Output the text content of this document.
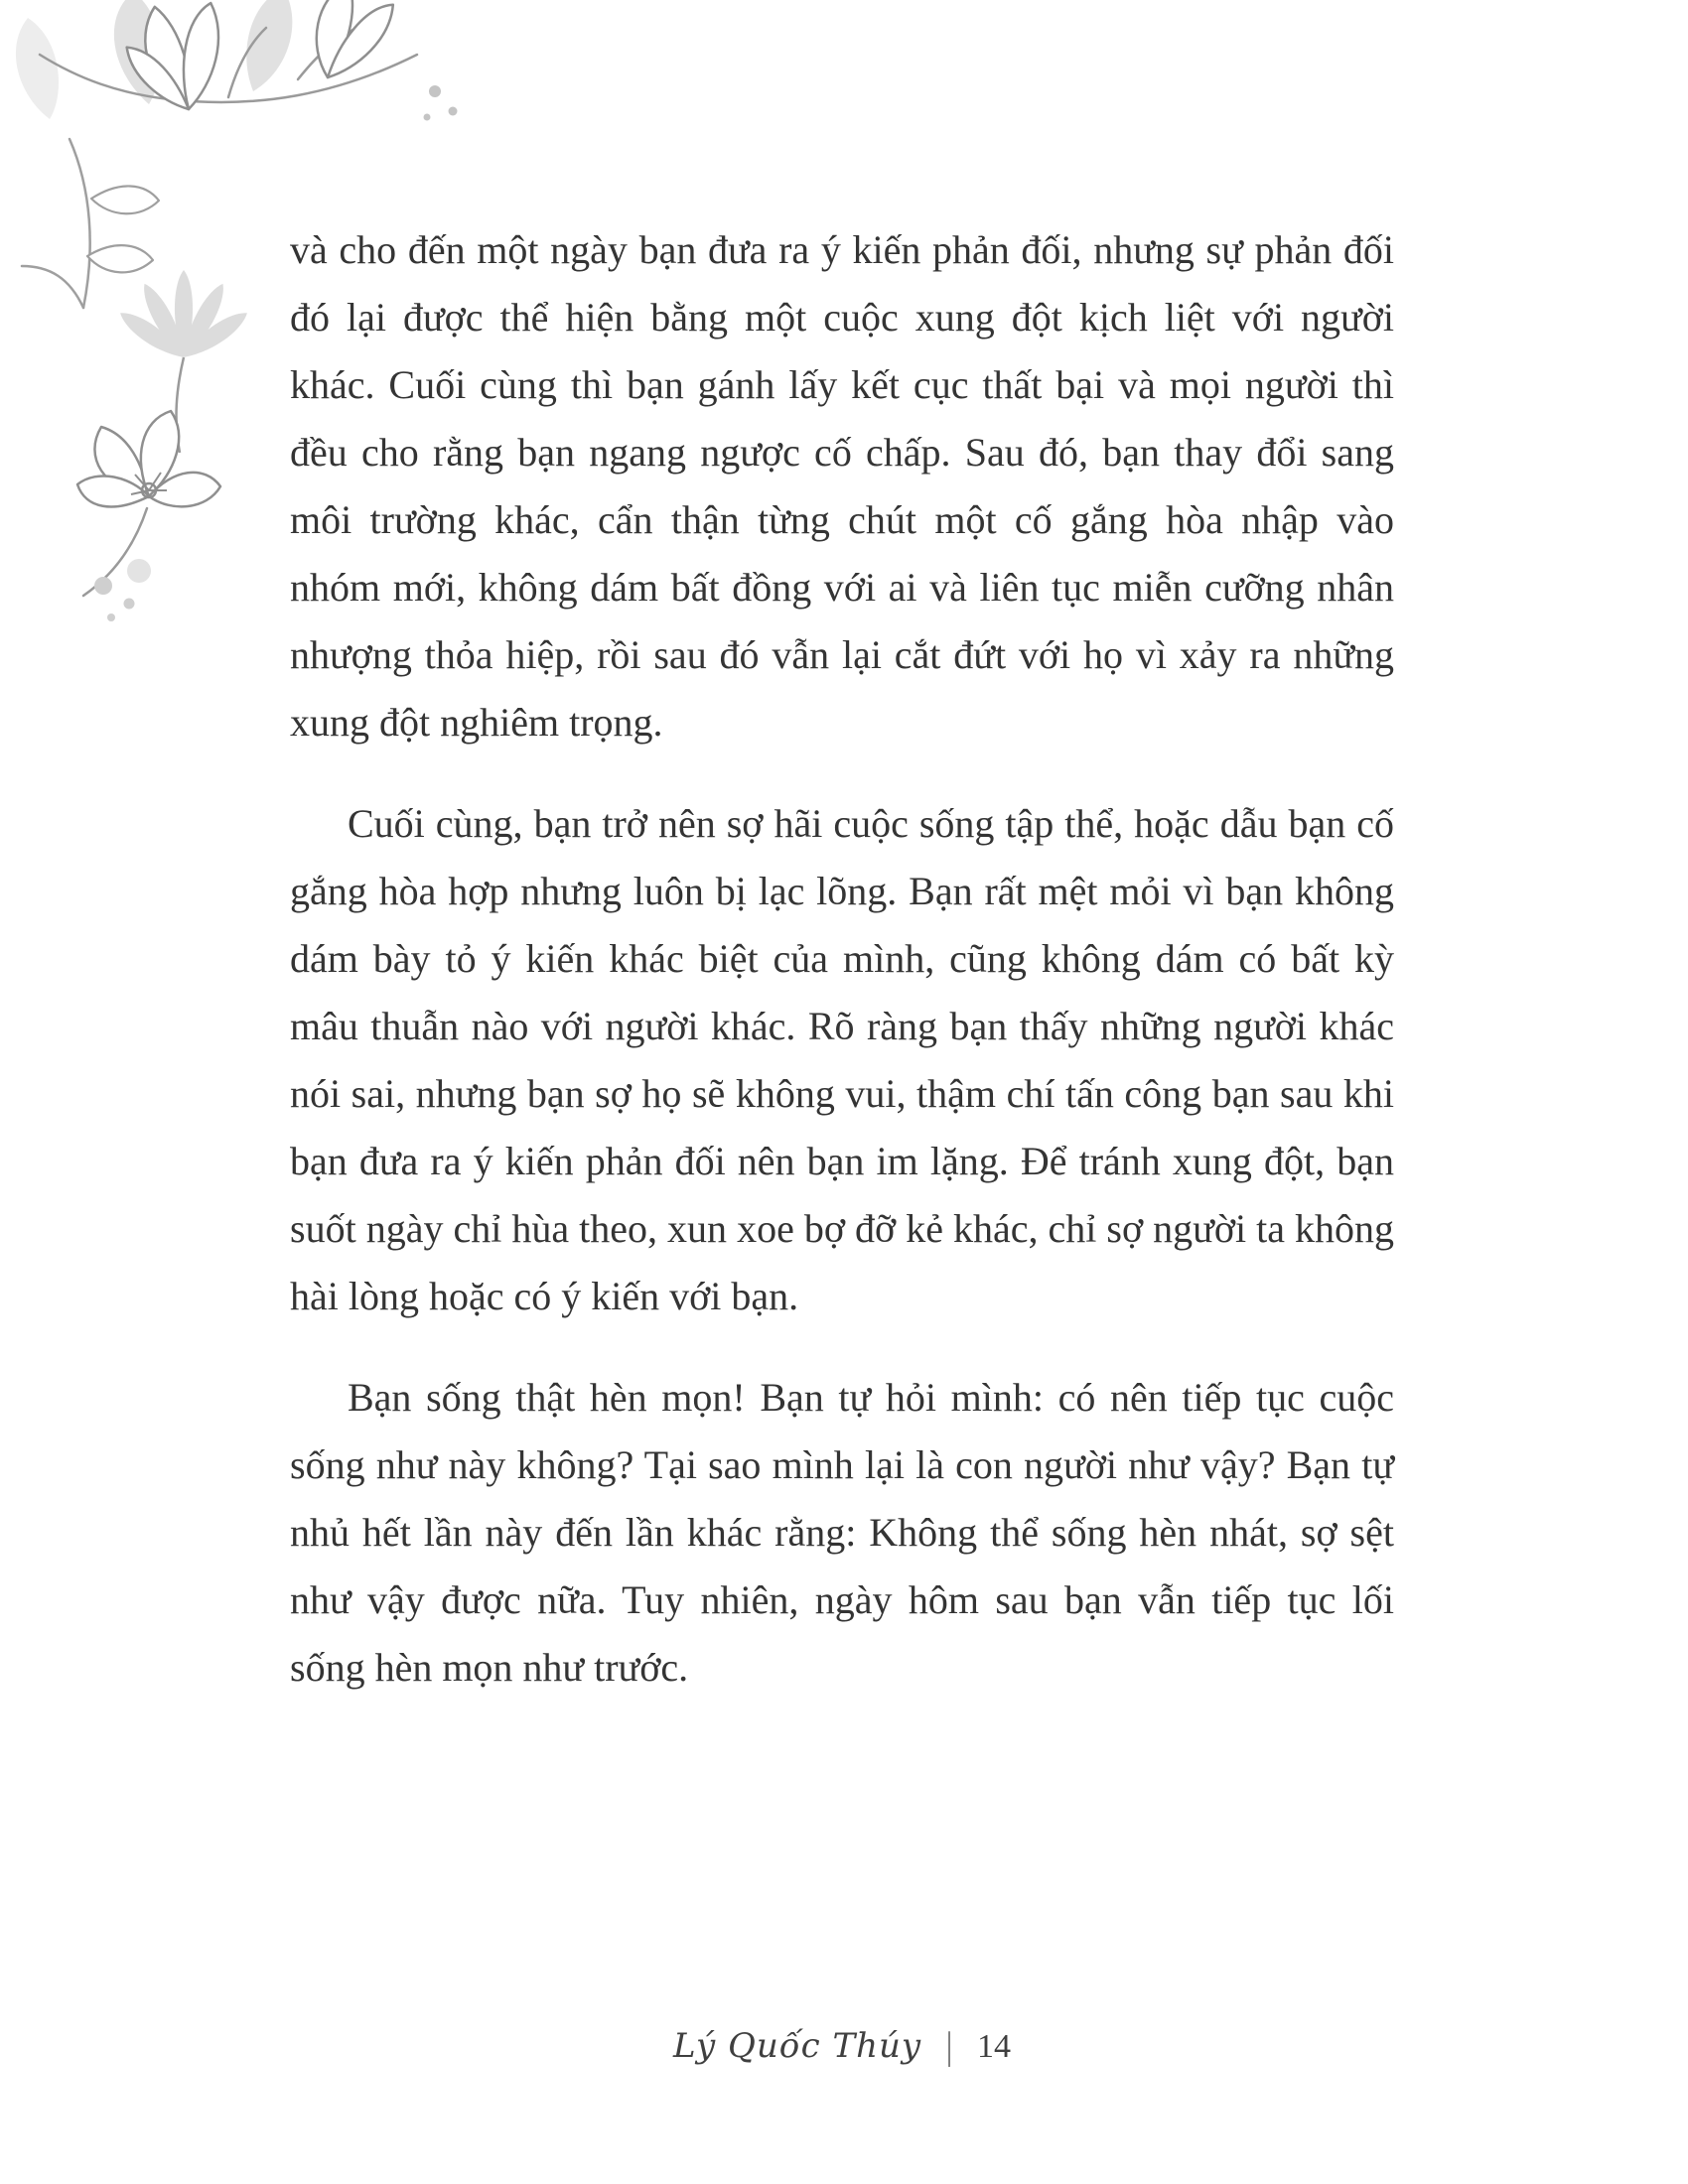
và cho đến một ngày bạn đưa ra ý kiến phản đối, nhưng sự phản đối đó lại được thể hiện bằng một cuộc xung đột kịch liệt với người khác. Cuối cùng thì bạn gánh lấy kết cục thất bại và mọi người thì đều cho rằng bạn ngang ngược cố chấp. Sau đó, bạn thay đổi sang môi trường khác, cẩn thận từng chút một cố gắng hòa nhập vào nhóm mới, không dám bất đồng với ai và liên tục miễn cưỡng nhân nhượng thỏa hiệp, rồi sau đó vẫn lại cắt đứt với họ vì xảy ra những xung đột nghiêm trọng.

Cuối cùng, bạn trở nên sợ hãi cuộc sống tập thể, hoặc dẫu bạn cố gắng hòa hợp nhưng luôn bị lạc lõng. Bạn rất mệt mỏi vì bạn không dám bày tỏ ý kiến khác biệt của mình, cũng không dám có bất kỳ mâu thuẫn nào với người khác. Rõ ràng bạn thấy những người khác nói sai, nhưng bạn sợ họ sẽ không vui, thậm chí tấn công bạn sau khi bạn đưa ra ý kiến phản đối nên bạn im lặng. Để tránh xung đột, bạn suốt ngày chỉ hùa theo, xun xoe bợ đỡ kẻ khác, chỉ sợ người ta không hài lòng hoặc có ý kiến với bạn.

Bạn sống thật hèn mọn! Bạn tự hỏi mình: có nên tiếp tục cuộc sống như này không? Tại sao mình lại là con người như vậy? Bạn tự nhủ hết lần này đến lần khác rằng: Không thể sống hèn nhát, sợ sệt như vậy được nữa. Tuy nhiên, ngày hôm sau bạn vẫn tiếp tục lối sống hèn mọn như trước.

Lý Quốc Thúy | 14
